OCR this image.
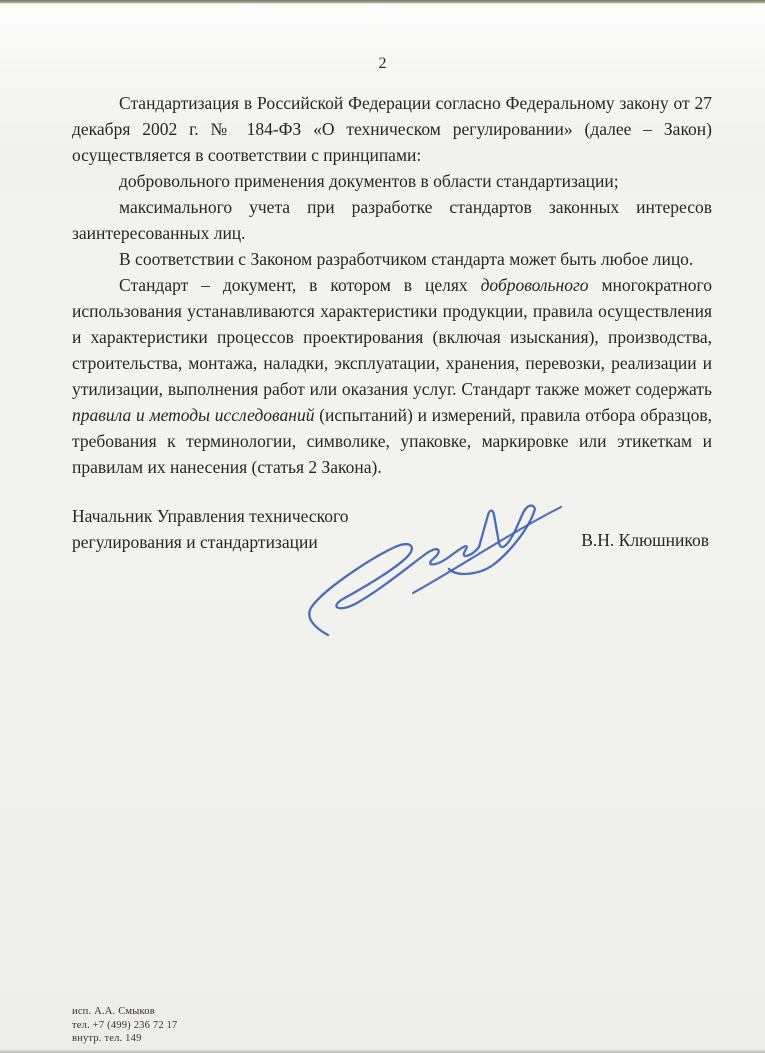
2

Стандартизация в Российской Федерации согласно Федеральному закону от 27 декабря 2002 г. № 184-ФЗ «О техническом регулировании» (далее – Закон) осуществляется в соответствии с принципами:

добровольного применения документов в области стандартизации;

максимального учета при разработке стандартов законных интересов заинтересованных лиц.

В соответствии с Законом разработчиком стандарта может быть любое лицо.

Стандарт – документ, в котором в целях добровольного многократного использования устанавливаются характеристики продукции, правила осуществления и характеристики процессов проектирования (включая изыскания), производства, строительства, монтажа, наладки, эксплуатации, хранения, перевозки, реализации и утилизации, выполнения работ или оказания услуг. Стандарт также может содержать правила и методы исследований (испытаний) и измерений, правила отбора образцов, требования к терминологии, символике, упаковке, маркировке или этикеткам и правилам их нанесения (статья 2 Закона).

Начальник Управления технического
регулирования и стандартизации	В.Н. Клюшников
исп. А.А. Смыков
тел. +7 (499) 236 72 17
внутр. тел. 149
